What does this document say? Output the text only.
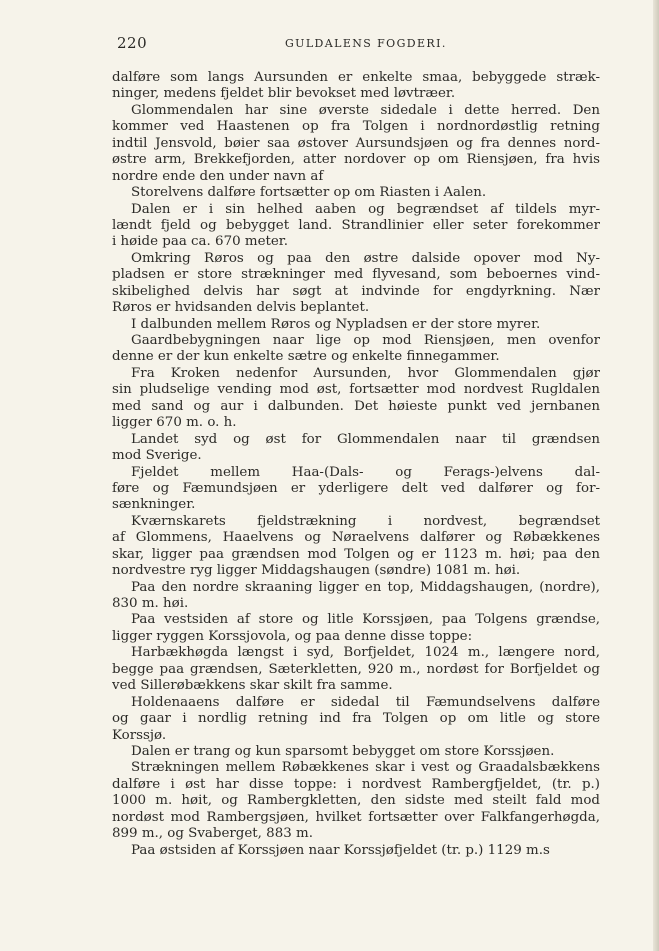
220	GULDALENS FOGDERI.
dalføre som langs Aursunden er enkelte smaa, bebyggede stræk-
ninger, medens fjeldet blir bevokset med løvtræer.
Glommendalen har sine øverste sidedale i dette herred. Den
kommer ved Haastenen op fra Tolgen i nordnordøstlig retning
indtil Jensvold, bøier saa østover Aursundsjøen og fra dennes nord-
østre arm, Brekkefjorden, atter nordover op om Riensjøen, fra hvis
nordre ende den under navn af
Storelvens dalføre fortsætter op om Riasten i Aalen.
Dalen er i sin helhed aaben og begrændset af tildels myr-
lændt fjeld og bebygget land. Strandlinier eller seter forekommer
i høide paa ca. 670 meter.
Omkring Røros og paa den østre dalside opover mod Ny-
pladsen er store strækninger med flyvesand, som beboernes vind-
skibelighed delvis har søgt at indvinde for engdyrkning. Nær
Røros er hvidsanden delvis beplantet.
I dalbunden mellem Røros og Nypladsen er der store myrer.
Gaardbebygningen naar lige op mod Riensjøen, men ovenfor
denne er der kun enkelte sætre og enkelte finnegammer.
Fra Kroken nedenfor Aursunden, hvor Glommendalen gjør
sin pludselige vending mod øst, fortsætter mod nordvest Rugldalen
med sand og aur i dalbunden. Det høieste punkt ved jernbanen
ligger 670 m. o. h.
Landet syd og øst for Glommendalen naar til grændsen
mod Sverige.
Fjeldet mellem Haa-(Dals- og Ferags-)elvens dal-
føre og Fæmundsjøen er yderligere delt ved dalfører og for-
sænkninger.
Kværnskarets fjeldstrækning i nordvest, begrændset
af Glommens, Haaelvens og Nøraelvens dalfører og Røbækkenes
skar, ligger paa grændsen mod Tolgen og er 1123 m. høi; paa den
nordvestre ryg ligger Middagshaugen (søndre) 1081 m. høi.
Paa den nordre skraaning ligger en top, Middagshaugen, (nordre),
830 m. høi.
Paa vestsiden af store og litle Korssjøen, paa Tolgens grændse,
ligger ryggen Korssjovola, og paa denne disse toppe:
Harbækhøgda længst i syd, Borfjeldet, 1024 m., længere nord,
begge paa grændsen, Sæterkletten, 920 m., nordøst for Borfjeldet og
ved Sillerøbækkens skar skilt fra samme.
Holdenaaens dalføre er sidedal til Fæmundselvens dalføre
og gaar i nordlig retning ind fra Tolgen op om litle og store
Korssjø.
Dalen er trang og kun sparsomt bebygget om store Korssjøen.
Strækningen mellem Røbækkenes skar i vest og Graadalsbækkens
dalføre i øst har disse toppe: i nordvest Rambergfjeldet, (tr. p.)
1000 m. høit, og Rambergkletten, den sidste med steilt fald mod
nordøst mod Rambergsjøen, hvilket fortsætter over Falkfangerhøgda,
899 m., og Svaberget, 883 m.
Paa østsiden af Korssjøen naar Korssjøfjeldet (tr. p.) 1129 m.s
